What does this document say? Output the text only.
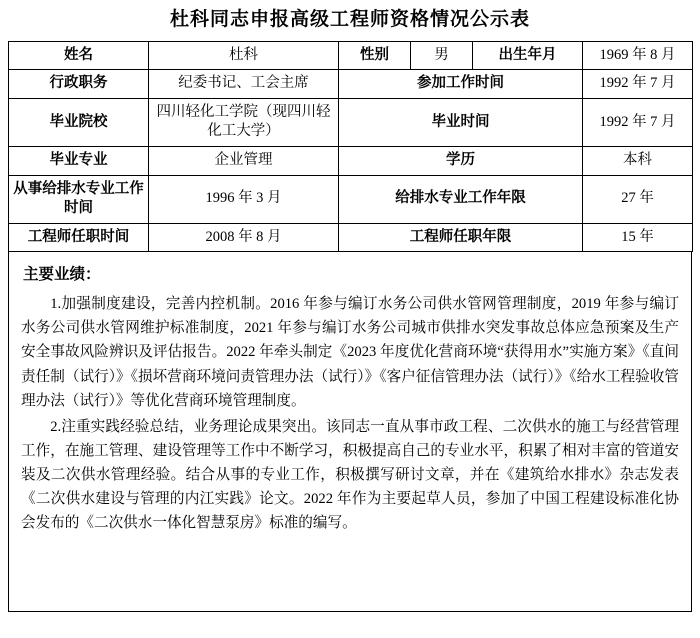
杜科同志申报高级工程师资格情况公示表
姓名	杜科	性别	男	出生年月	1969 年 8 月
行政职务	纪委书记、工会主席	参加工作时间			1992 年 7 月
毕业院校	四川轻化工学院（现四川轻化工大学）	毕业时间			1992 年 7 月
毕业专业	企业管理	学历			本科
从事给排水专业工作时间	1996 年 3 月	给排水专业工作年限			27 年
工程师任职时间	2008 年 8 月	工程师任职年限			15 年
主要业绩：

1.加强制度建设，完善内控机制。2016 年参与编订水务公司供水管网管理制度，2019 年参与编订水务公司供水管网维护标准制度，2021 年参与编订水务公司城市供排水突发事故总体应急预案及生产安全事故风险辨识及评估报告。2022 年牵头制定《2023 年度优化营商环境“获得用水”实施方案》《直间责任制（试行）》《损坏营商环境问责管理办法（试行）》《客户征信管理办法（试行）》《给水工程验收管理办法（试行）》等优化营商环境管理制度。

2.注重实践经验总结，业务理论成果突出。该同志一直从事市政工程、二次供水的施工与经营管理工作，在施工管理、建设管理等工作中不断学习，积极提高自己的专业水平，积累了相对丰富的管道安装及二次供水管理经验。结合从事的专业工作，积极撰写研讨文章，并在《建筑给水排水》杂志发表《二次供水建设与管理的内江实践》论文。2022 年作为主要起草人员，参加了中国工程建设标准化协会发布的《二次供水一体化智慧泵房》标准的编写。
